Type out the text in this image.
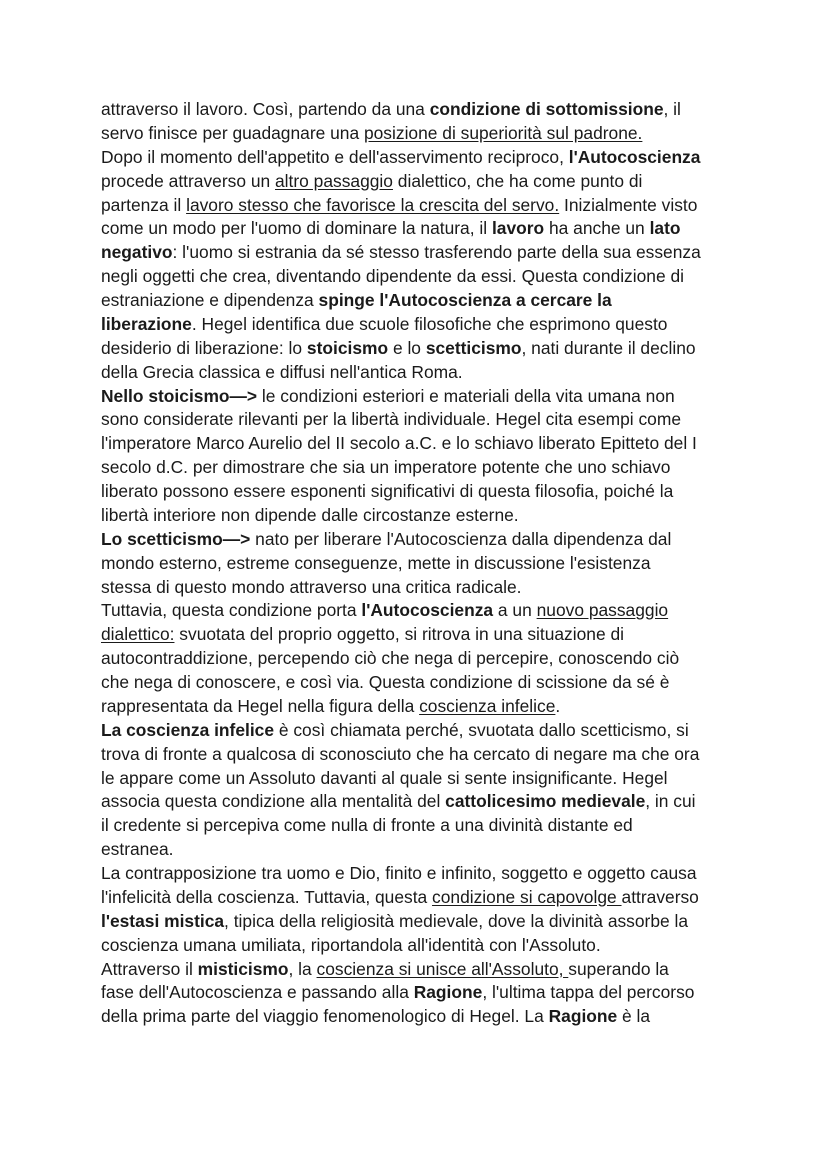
attraverso il lavoro. Così, partendo da una condizione di sottomissione, il
servo finisce per guadagnare una posizione di superiorità sul padrone.
Dopo il momento dell'appetito e dell'asservimento reciproco, l'Autocoscienza
procede attraverso un altro passaggio dialettico, che ha come punto di
partenza il lavoro stesso che favorisce la crescita del servo. Inizialmente visto
come un modo per l'uomo di dominare la natura, il lavoro ha anche un lato
negativo: l'uomo si estrania da sé stesso trasferendo parte della sua essenza
negli oggetti che crea, diventando dipendente da essi. Questa condizione di
estraniazione e dipendenza spinge l'Autocoscienza a cercare la
liberazione. Hegel identifica due scuole filosofiche che esprimono questo
desiderio di liberazione: lo stoicismo e lo scetticismo, nati durante il declino
della Grecia classica e diffusi nell'antica Roma.
Nello stoicismo—> le condizioni esteriori e materiali della vita umana non
sono considerate rilevanti per la libertà individuale. Hegel cita esempi come
l'imperatore Marco Aurelio del II secolo a.C. e lo schiavo liberato Epitteto del I
secolo d.C. per dimostrare che sia un imperatore potente che uno schiavo
liberato possono essere esponenti significativi di questa filosofia, poiché la
libertà interiore non dipende dalle circostanze esterne.
Lo scetticismo—> nato per liberare l'Autocoscienza dalla dipendenza dal
mondo esterno, estreme conseguenze, mette in discussione l'esistenza
stessa di questo mondo attraverso una critica radicale.
Tuttavia, questa condizione porta l'Autocoscienza a un nuovo passaggio
dialettico: svuotata del proprio oggetto, si ritrova in una situazione di
autocontraddizione, percependo ciò che nega di percepire, conoscendo ciò
che nega di conoscere, e così via. Questa condizione di scissione da sé è
rappresentata da Hegel nella figura della coscienza infelice.
La coscienza infelice è così chiamata perché, svuotata dallo scetticismo, si
trova di fronte a qualcosa di sconosciuto che ha cercato di negare ma che ora
le appare come un Assoluto davanti al quale si sente insignificante. Hegel
associa questa condizione alla mentalità del cattolicesimo medievale, in cui
il credente si percepiva come nulla di fronte a una divinità distante ed
estranea.
La contrapposizione tra uomo e Dio, finito e infinito, soggetto e oggetto causa
l'infelicità della coscienza. Tuttavia, questa condizione si capovolge attraverso
l'estasi mistica, tipica della religiosità medievale, dove la divinità assorbe la
coscienza umana umiliata, riportandola all'identità con l'Assoluto.
Attraverso il misticismo, la coscienza si unisce all'Assoluto, superando la
fase dell'Autocoscienza e passando alla Ragione, l'ultima tappa del percorso
della prima parte del viaggio fenomenologico di Hegel. La Ragione è la
